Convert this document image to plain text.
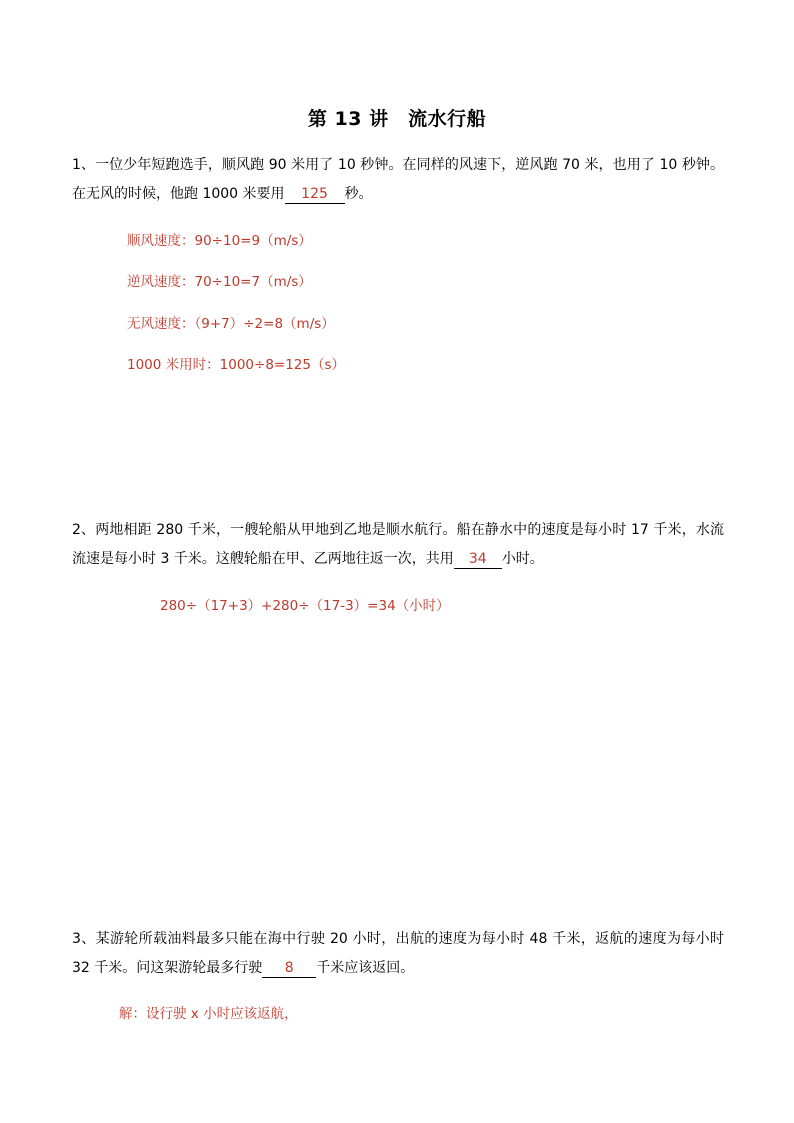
第 13 讲　流水行船
1、一位少年短跑选手，顺风跑 90 米用了 10 秒钟。在同样的风速下，逆风跑 70 米，也用了 10 秒钟。在无风的时候，他跑 1000 米要用 125 秒。
顺风速度：90÷10=9（m/s）
逆风速度：70÷10=7（m/s）
无风速度：（9+7）÷2=8（m/s）
1000 米用时：1000÷8=125（s）
2、两地相距 280 千米，一艘轮船从甲地到乙地是顺水航行。船在静水中的速度是每小时 17 千米，水流流速是每小时 3 千米。这艘轮船在甲、乙两地往返一次，共用 34 小时。
280÷（17+3）+280÷（17-3）=34（小时）
3、某游轮所载油料最多只能在海中行驶 20 小时，出航的速度为每小时 48 千米，返航的速度为每小时 32 千米。问这架游轮最多行驶 8 千米应该返回。
解：设行驶 x 小时应该返航，
